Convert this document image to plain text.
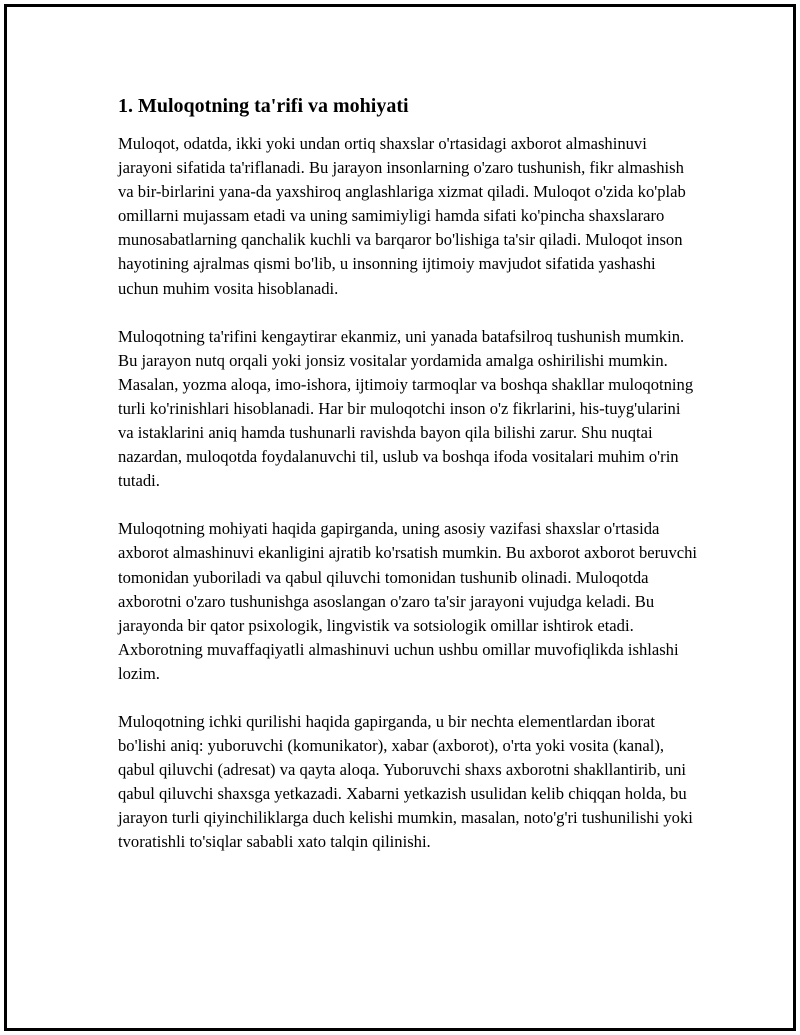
1. Muloqotning ta'rifi va mohiyati

Muloqot, odatda, ikki yoki undan ortiq shaxslar o'rtasidagi axborot almashinuvi jarayoni sifatida ta'riflanadi. Bu jarayon insonlarning o'zaro tushunish, fikr almashish va bir-birlarini yana-da yaxshiroq anglashlariga xizmat qiladi. Muloqot o'zida ko'plab omillarni mujassam etadi va uning samimiyligi hamda sifati ko'pincha shaxslararo munosabatlarning qanchalik kuchli va barqaror bo'lishiga ta'sir qiladi. Muloqot inson hayotining ajralmas qismi bo'lib, u insonning ijtimoiy mavjudot sifatida yashashi uchun muhim vosita hisoblanadi.

Muloqotning ta'rifini kengaytirar ekanmiz, uni yanada batafsilroq tushunish mumkin. Bu jarayon nutq orqali yoki jonsiz vositalar yordamida amalga oshirilishi mumkin. Masalan, yozma aloqa, imo-ishora, ijtimoiy tarmoqlar va boshqa shakllar muloqotning turli ko'rinishlari hisoblanadi. Har bir muloqotchi inson o'z fikrlarini, his-tuyg'ularini va istaklarini aniq hamda tushunarli ravishda bayon qila bilishi zarur. Shu nuqtai nazardan, muloqotda foydalanuvchi til, uslub va boshqa ifoda vositalari muhim o'rin tutadi.

Muloqotning mohiyati haqida gapirganda, uning asosiy vazifasi shaxslar o'rtasida axborot almashinuvi ekanligini ajratib ko'rsatish mumkin. Bu axborot axborot beruvchi tomonidan yuboriladi va qabul qiluvchi tomonidan tushunib olinadi. Muloqotda axborotni o'zaro tushunishga asoslangan o'zaro ta'sir jarayoni vujudga keladi. Bu jarayonda bir qator psixologik, lingvistik va sotsiologik omillar ishtirok etadi. Axborotning muvaffaqiyatli almashinuvi uchun ushbu omillar muvofiqlikda ishlashi lozim.

Muloqotning ichki qurilishi haqida gapirganda, u bir nechta elementlardan iborat bo'lishi aniq: yuboruvchi (komunikator), xabar (axborot), o'rta yoki vosita (kanal), qabul qiluvchi (adresat) va qayta aloqa. Yuboruvchi shaxs axborotni shakllantirib, uni qabul qiluvchi shaxsga yetkazadi. Xabarni yetkazish usulidan kelib chiqqan holda, bu jarayon turli qiyinchiliklarga duch kelishi mumkin, masalan, noto'g'ri tushunilishi yoki tvoratishli to'siqlar sababli xato talqin qilinishi.
